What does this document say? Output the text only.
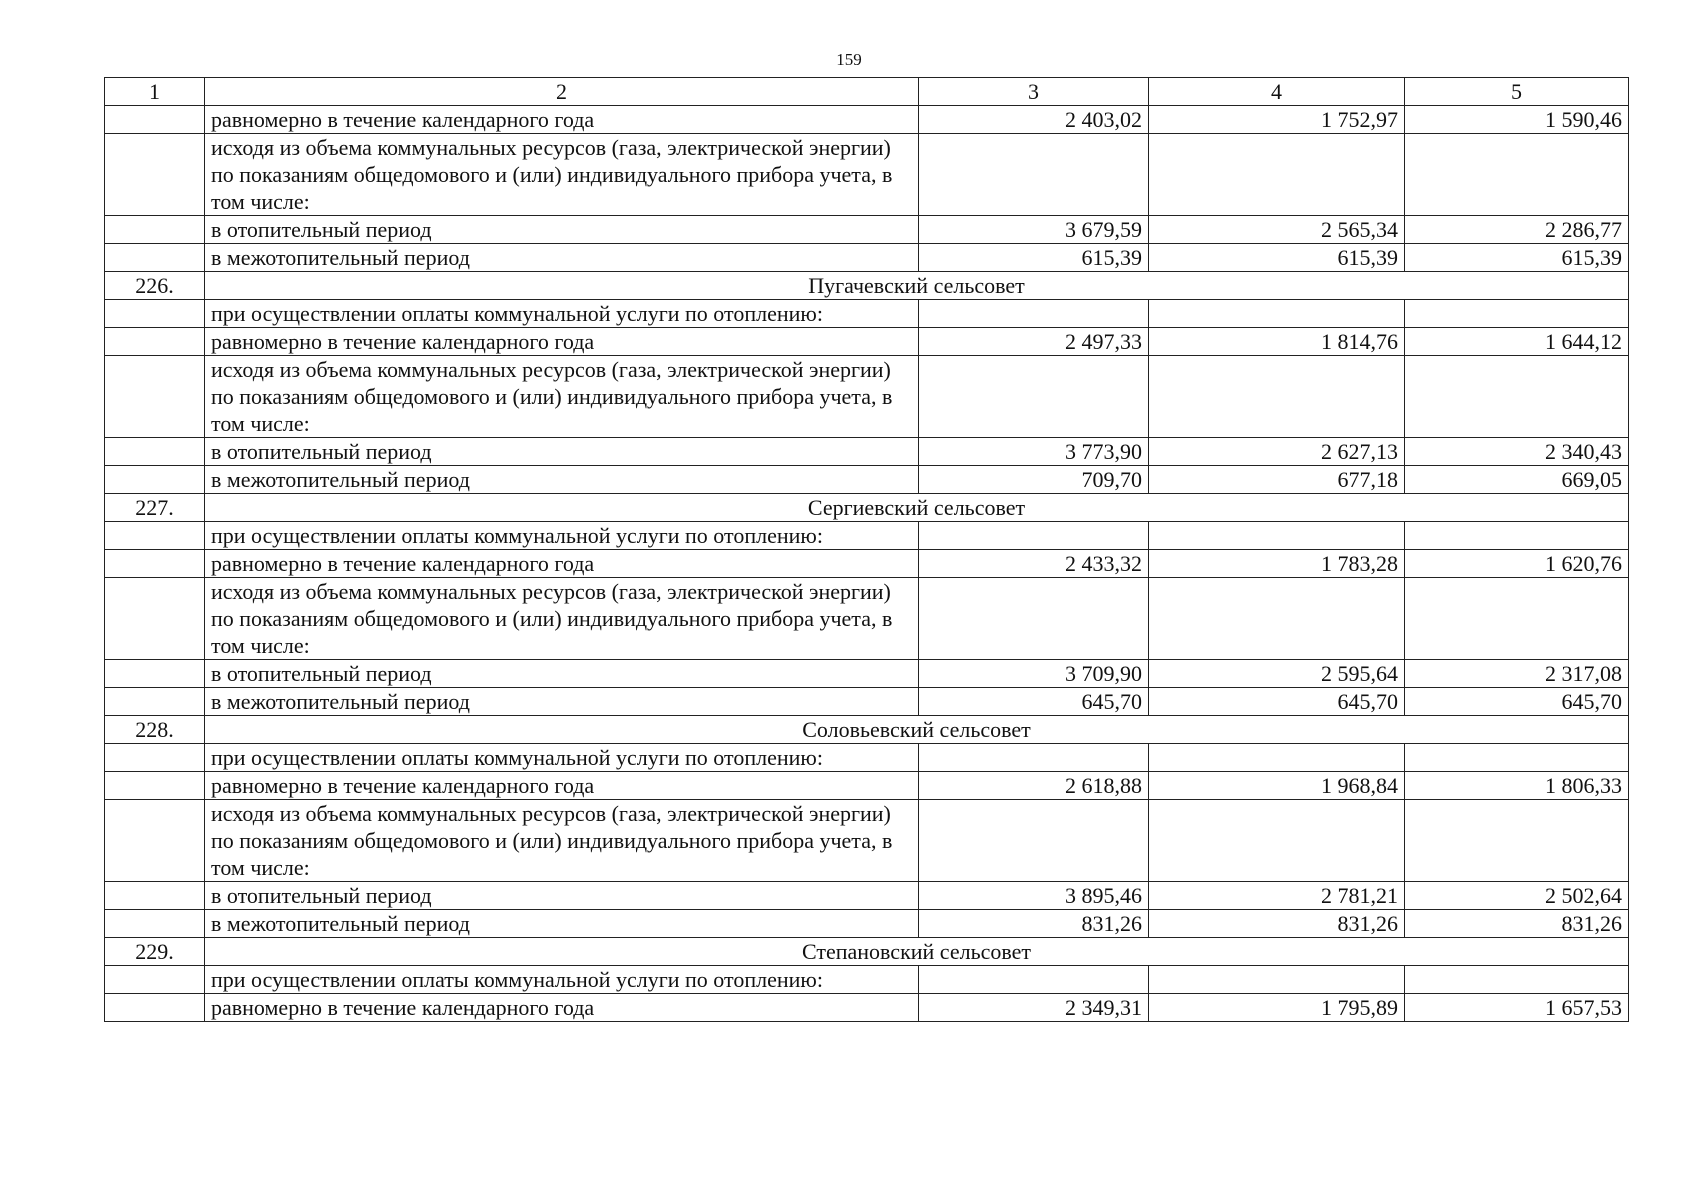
159
1	2	3	4	5
	равномерно в течение календарного года	2 403,02	1 752,97	1 590,46
	исходя из объема коммунальных ресурсов (газа, электрической энергии) по показаниям общедомового и (или) индивидуального прибора учета, в том числе:			
	в отопительный период	3 679,59	2 565,34	2 286,77
	в межотопительный период	615,39	615,39	615,39
226.	Пугачевский сельсовет			
	при осуществлении оплаты коммунальной услуги по отоплению:			
	равномерно в течение календарного года	2 497,33	1 814,76	1 644,12
	исходя из объема коммунальных ресурсов (газа, электрической энергии) по показаниям общедомового и (или) индивидуального прибора учета, в том числе:			
	в отопительный период	3 773,90	2 627,13	2 340,43
	в межотопительный период	709,70	677,18	669,05
227.	Сергиевский сельсовет			
	при осуществлении оплаты коммунальной услуги по отоплению:			
	равномерно в течение календарного года	2 433,32	1 783,28	1 620,76
	исходя из объема коммунальных ресурсов (газа, электрической энергии) по показаниям общедомового и (или) индивидуального прибора учета, в том числе:			
	в отопительный период	3 709,90	2 595,64	2 317,08
	в межотопительный период	645,70	645,70	645,70
228.	Соловьевский сельсовет			
	при осуществлении оплаты коммунальной услуги по отоплению:			
	равномерно в течение календарного года	2 618,88	1 968,84	1 806,33
	исходя из объема коммунальных ресурсов (газа, электрической энергии) по показаниям общедомового и (или) индивидуального прибора учета, в том числе:			
	в отопительный период	3 895,46	2 781,21	2 502,64
	в межотопительный период	831,26	831,26	831,26
229.	Степановский сельсовет			
	при осуществлении оплаты коммунальной услуги по отоплению:			
	равномерно в течение календарного года	2 349,31	1 795,89	1 657,53
